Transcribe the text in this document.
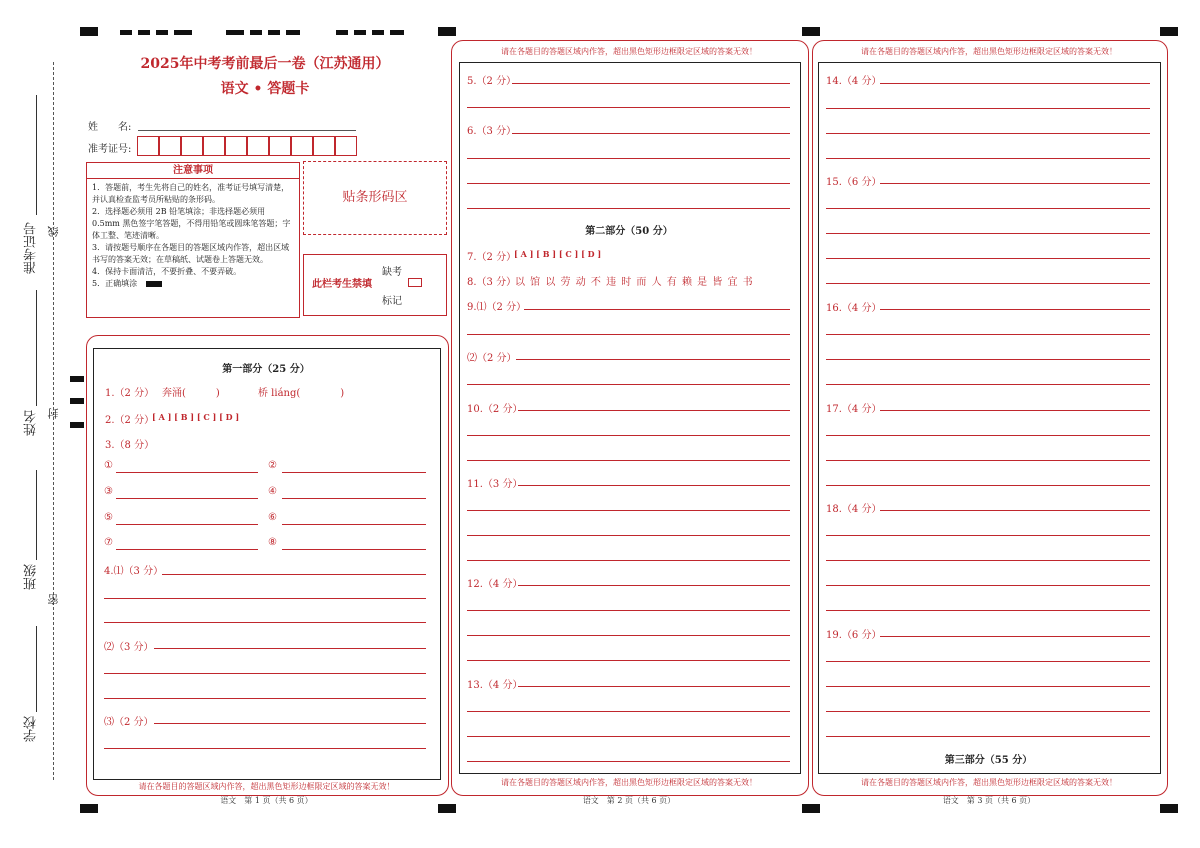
准考证号 线
姓名 封
班级
密
学校
2025年中考考前最后一卷（江苏通用）
语文 • 答题卡
姓　　名:
准考证号:
注意事项
1．答题前，考生先将自己的姓名，准考证号填写清楚，并认真检查监考员所粘贴的条形码。
2．选择题必须用 2B 铅笔填涂；非选择题必须用 0.5mm 黑色签字笔答题，不得用铅笔或圆珠笔答题；字体工整、笔迹清晰。
3．请按题号顺序在各题目的答题区域内作答，超出区域书写的答案无效；在草稿纸、试题卷上答题无效。
4．保持卡面清洁，不要折叠、不要弄破。
5．正确填涂
贴条形码区
此栏考生禁填
缺考
标记
第一部分（25 分）
1.（2 分） 奔涌(　　　)	桥 liáng(　　　　)
2.（2 分）
[ A ] [ B ] [ C ] [ D ]
3.（8 分）
①	②
③	④
⑤	⑥
⑦	⑧
4.⑴（3 分）
⑵（3 分）
⑶（2 分）
请在各题目的答题区域内作答，超出黑色矩形边框限定区域的答案无效！
语文　第 1 页（共 6 页）
请在各题目的答题区域内作答，超出黑色矩形边框限定区域的答案无效！
5.（2 分）
6.（3 分）
第二部分（50 分）
7.（2 分）
[ A ] [ B ] [ C ] [ D ]
8.（3 分）
以 馆 以 劳 动 不 违 时 而 人 有 赖 是 皆 宜 书
9.⑴（2 分）
⑵（2 分）
10.（2 分）
11.（3 分）
12.（4 分）
13.（4 分）
请在各题目的答题区域内作答，超出黑色矩形边框限定区域的答案无效！
语文　第 2 页（共 6 页）
请在各题目的答题区域内作答，超出黑色矩形边框限定区域的答案无效！
14.（4 分）
15.（6 分）
16.（4 分）
17.（4 分）
18.（4 分）
19.（6 分）
第三部分（55 分）
请在各题目的答题区域内作答，超出黑色矩形边框限定区域的答案无效！
语文　第 3 页（共 6 页）
